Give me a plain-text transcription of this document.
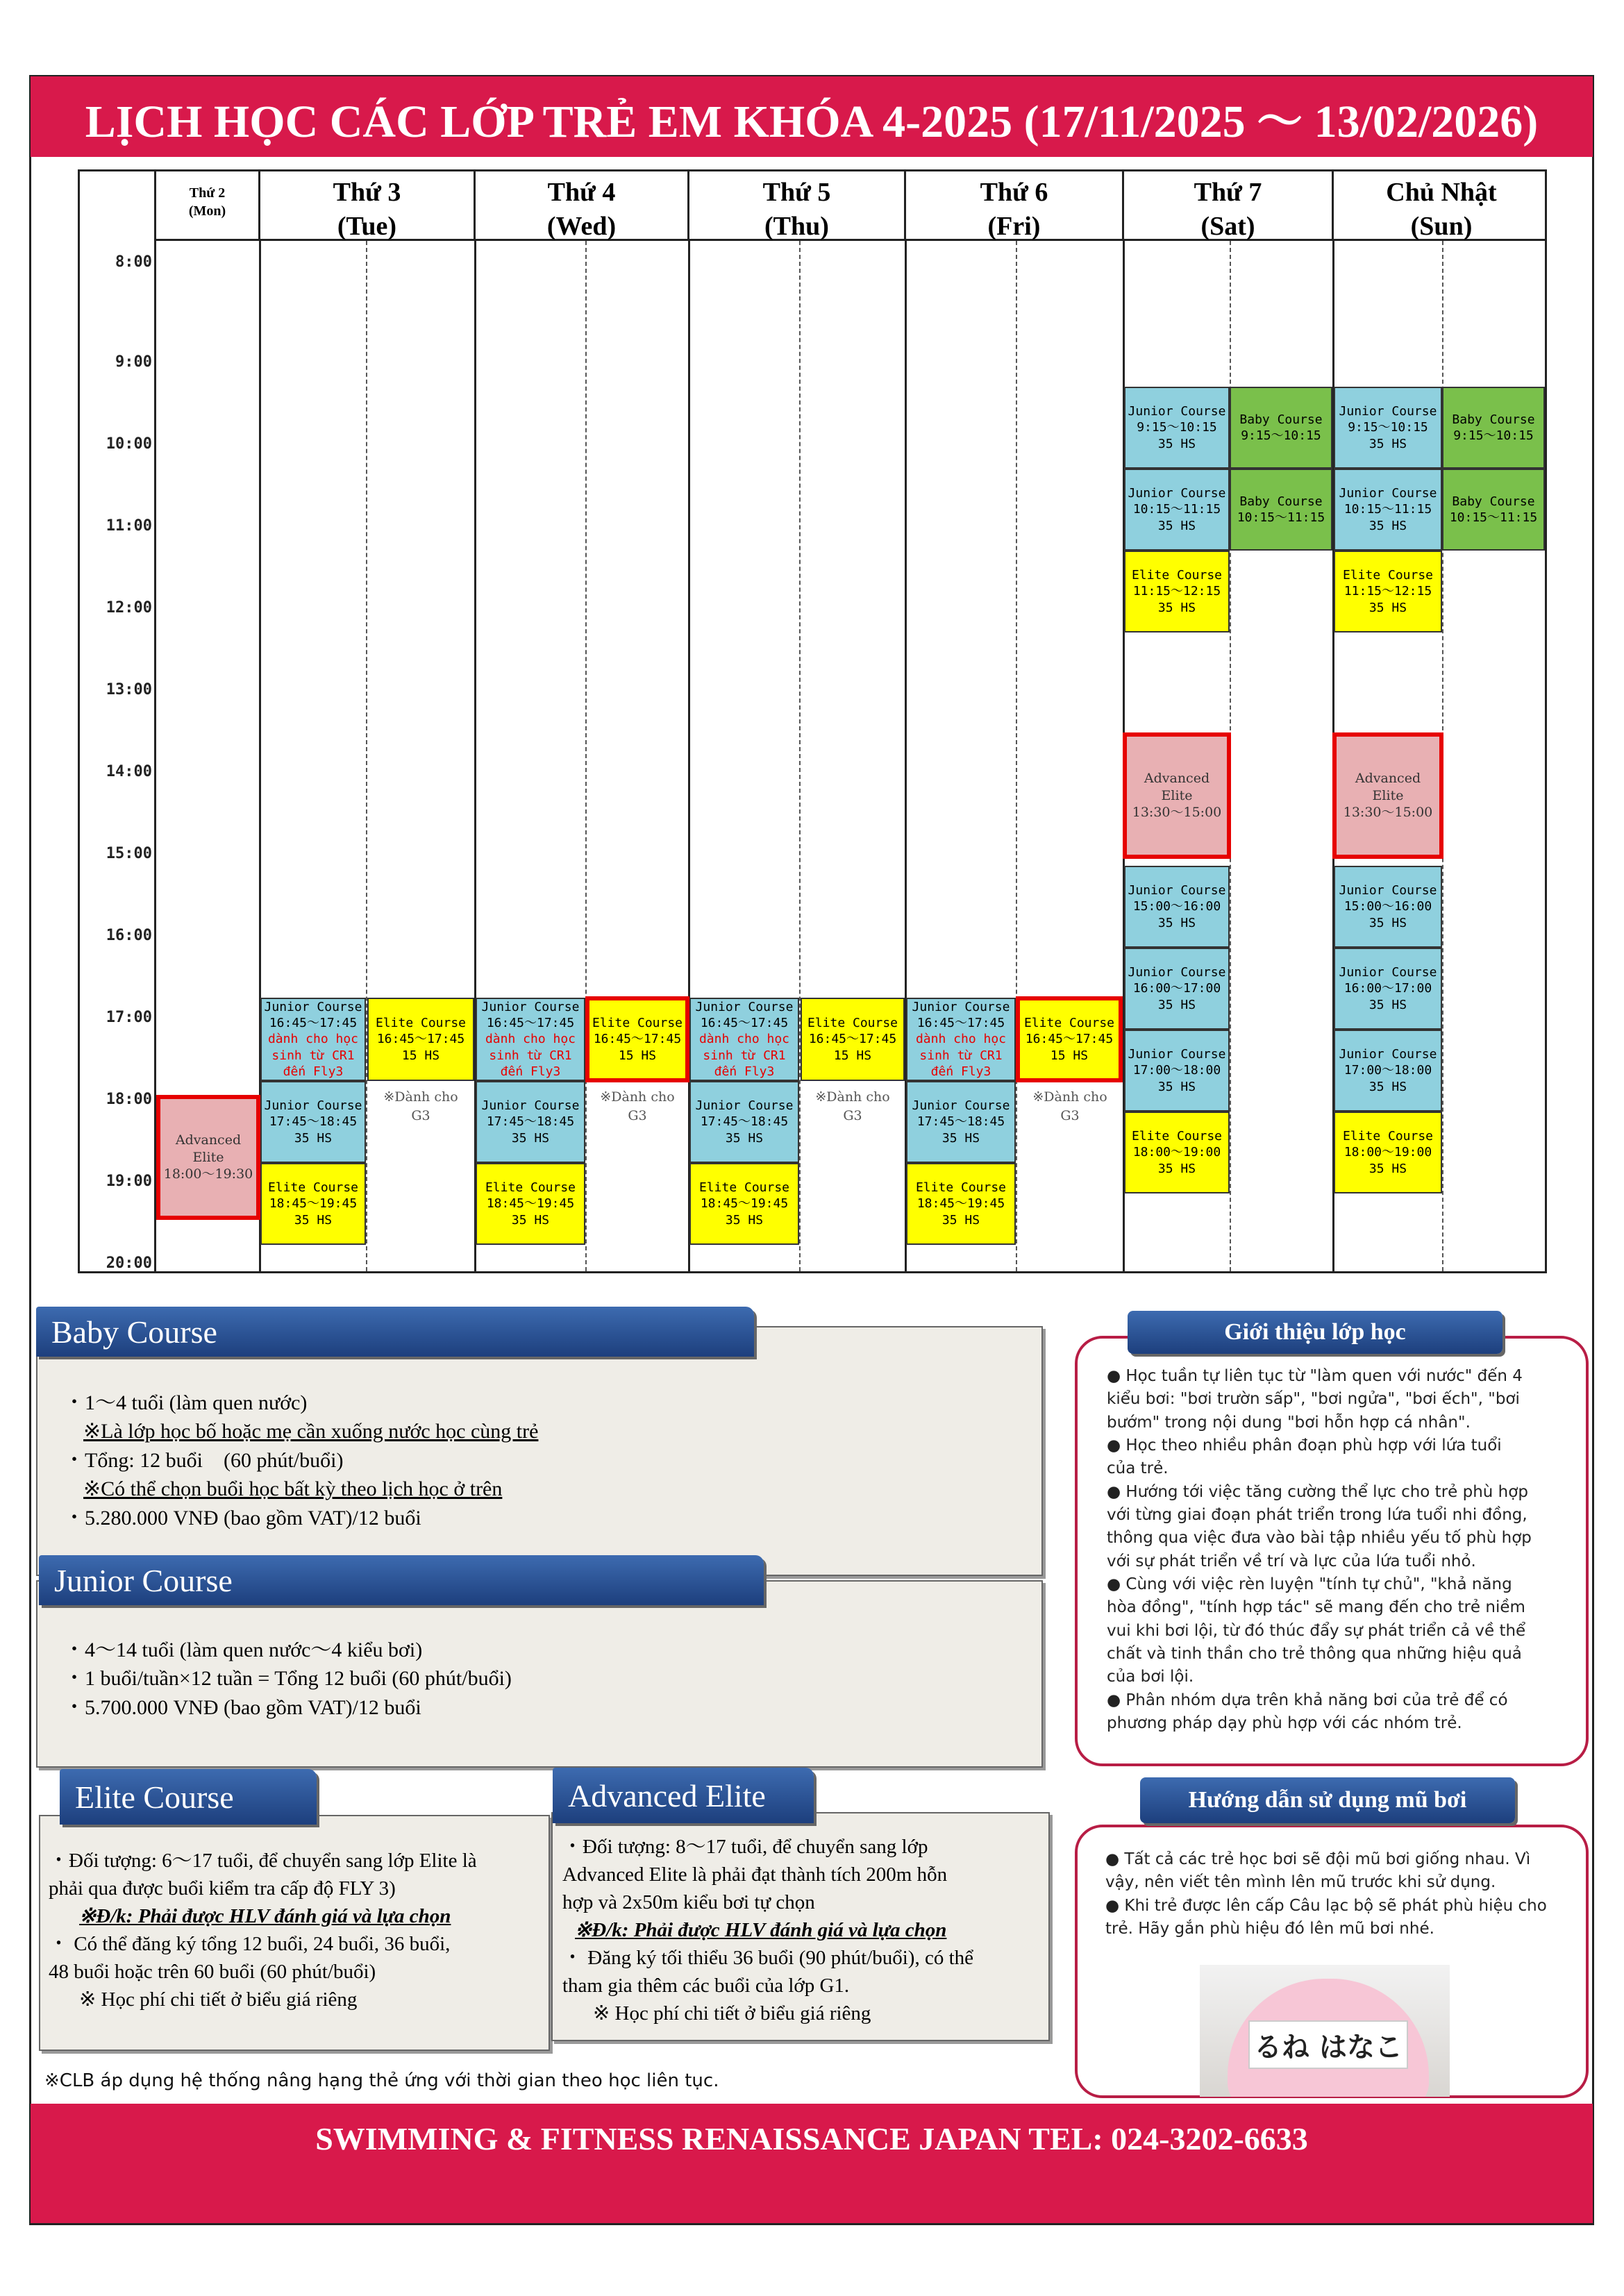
LỊCH HỌC CÁC LỚP TRẺ EM KHÓA 4-2025 (17/11/2025 ～ 13/02/2026)
8:00
9:00
10:00
11:00
12:00
13:00
14:00
15:00
16:00
17:00
18:00
19:00
20:00
Thứ 2
(Mon)
Thứ 3
(Tue)
Thứ 4
(Wed)
Thứ 5
(Thu)
Thứ 6
(Fri)
Thứ 7
(Sat)
Chủ Nhật
(Sun)
Advanced
Elite
18:00～19:30
Junior Course
16:45～17:45
dành cho học
sinh từ CR1
đến Fly3
Elite Course
16:45～17:45
15 HS
Junior Course
17:45～18:45
35 HS
※Dành cho
G3
Elite Course
18:45～19:45
35 HS
Junior Course
16:45～17:45
dành cho học
sinh từ CR1
đến Fly3
Elite Course
16:45～17:45
15 HS
Junior Course
17:45～18:45
35 HS
※Dành cho
G3
Elite Course
18:45～19:45
35 HS
Junior Course
16:45～17:45
dành cho học
sinh từ CR1
đến Fly3
Elite Course
16:45～17:45
15 HS
Junior Course
17:45～18:45
35 HS
※Dành cho
G3
Elite Course
18:45～19:45
35 HS
Junior Course
16:45～17:45
dành cho học
sinh từ CR1
đến Fly3
Elite Course
16:45～17:45
15 HS
Junior Course
17:45～18:45
35 HS
※Dành cho
G3
Elite Course
18:45～19:45
35 HS
Junior Course
9:15～10:15
35 HS
Baby Course
9:15～10:15
Junior Course
10:15～11:15
35 HS
Baby Course
10:15～11:15
Elite Course
11:15～12:15
35 HS
Advanced
Elite
13:30～15:00
Junior Course
15:00～16:00
35 HS
Junior Course
16:00～17:00
35 HS
Junior Course
17:00～18:00
35 HS
Elite Course
18:00～19:00
35 HS
Junior Course
9:15～10:15
35 HS
Baby Course
9:15～10:15
Junior Course
10:15～11:15
35 HS
Baby Course
10:15～11:15
Elite Course
11:15～12:15
35 HS
Advanced
Elite
13:30～15:00
Junior Course
15:00～16:00
35 HS
Junior Course
16:00～17:00
35 HS
Junior Course
17:00～18:00
35 HS
Elite Course
18:00～19:00
35 HS
Baby Course
・1～4 tuổi (làm quen nước)
※Là lớp học bố hoặc mẹ cần xuống nước học cùng trẻ
・Tổng: 12 buổi　(60 phút/buổi)
※Có thể chọn buổi học bất kỳ theo lịch học ở trên
・5.280.000 VNĐ (bao gồm VAT)/12 buổi
Junior Course
・4～14 tuổi (làm quen nước～4 kiểu bơi)
・1 buổi/tuần×12 tuần = Tổng 12 buổi (60 phút/buổi)
・5.700.000 VNĐ (bao gồm VAT)/12 buổi
Elite Course
・Đối tượng: 6～17 tuổi, để chuyển sang lớp Elite là
phải qua được buổi kiểm tra cấp độ FLY 3)
※Đ/k: Phải được HLV đánh giá và lựa chọn
・ Có thể đăng ký tổng 12 buổi, 24 buổi, 36 buổi,
48 buổi hoặc trên 60 buổi (60 phút/buổi)
※ Học phí chi tiết ở biểu giá riêng
Advanced Elite
・Đối tượng: 8～17 tuổi, để chuyển sang lớp
Advanced Elite là phải đạt thành tích 200m hỗn
hợp và 2x50m kiểu bơi tự chọn
※Đ/k: Phải được HLV đánh giá và lựa chọn
・ Đăng ký tối thiểu 36 buổi (90 phút/buổi), có thể
tham gia thêm các buổi của lớp G1.
※ Học phí chi tiết ở biểu giá riêng
Giới thiệu lớp học
● Học tuần tự liên tục từ "làm quen với nước" đến 4
kiểu bơi: "bơi trườn sấp", "bơi ngửa", "bơi ếch", "bơi
bướm" trong nội dung "bơi hỗn hợp cá nhân".
● Học theo nhiều phân đoạn phù hợp với lứa tuổi
của trẻ.
● Hướng tới việc tăng cường thể lực cho trẻ phù hợp
với từng giai đoạn phát triển trong lứa tuổi nhi đồng,
thông qua việc đưa vào bài tập nhiều yếu tố phù hợp
với sự phát triển về trí và lực của lứa tuổi nhỏ.
● Cùng với việc rèn luyện "tính tự chủ", "khả năng
hòa đồng", "tính hợp tác" sẽ mang đến cho trẻ niềm
vui khi bơi lội, từ đó thúc đẩy sự phát triển cả về thể
chất và tinh thần cho trẻ thông qua những hiệu quả
của bơi lội.
● Phân nhóm dựa trên khả năng bơi của trẻ để có
phương pháp dạy phù hợp với các nhóm trẻ.
Hướng dẫn sử dụng mũ bơi
● Tất cả các trẻ học bơi sẽ đội mũ bơi giống nhau. Vì
vậy, nên viết tên mình lên mũ trước khi sử dụng.
● Khi trẻ được lên cấp Câu lạc bộ sẽ phát phù hiệu cho
trẻ. Hãy gắn phù hiệu đó lên mũ bơi nhé.
るね はなこ
※CLB áp dụng hệ thống nâng hạng thẻ ứng với thời gian theo học liên tục.
SWIMMING & FITNESS RENAISSANCE JAPAN TEL: 024-3202-6633
